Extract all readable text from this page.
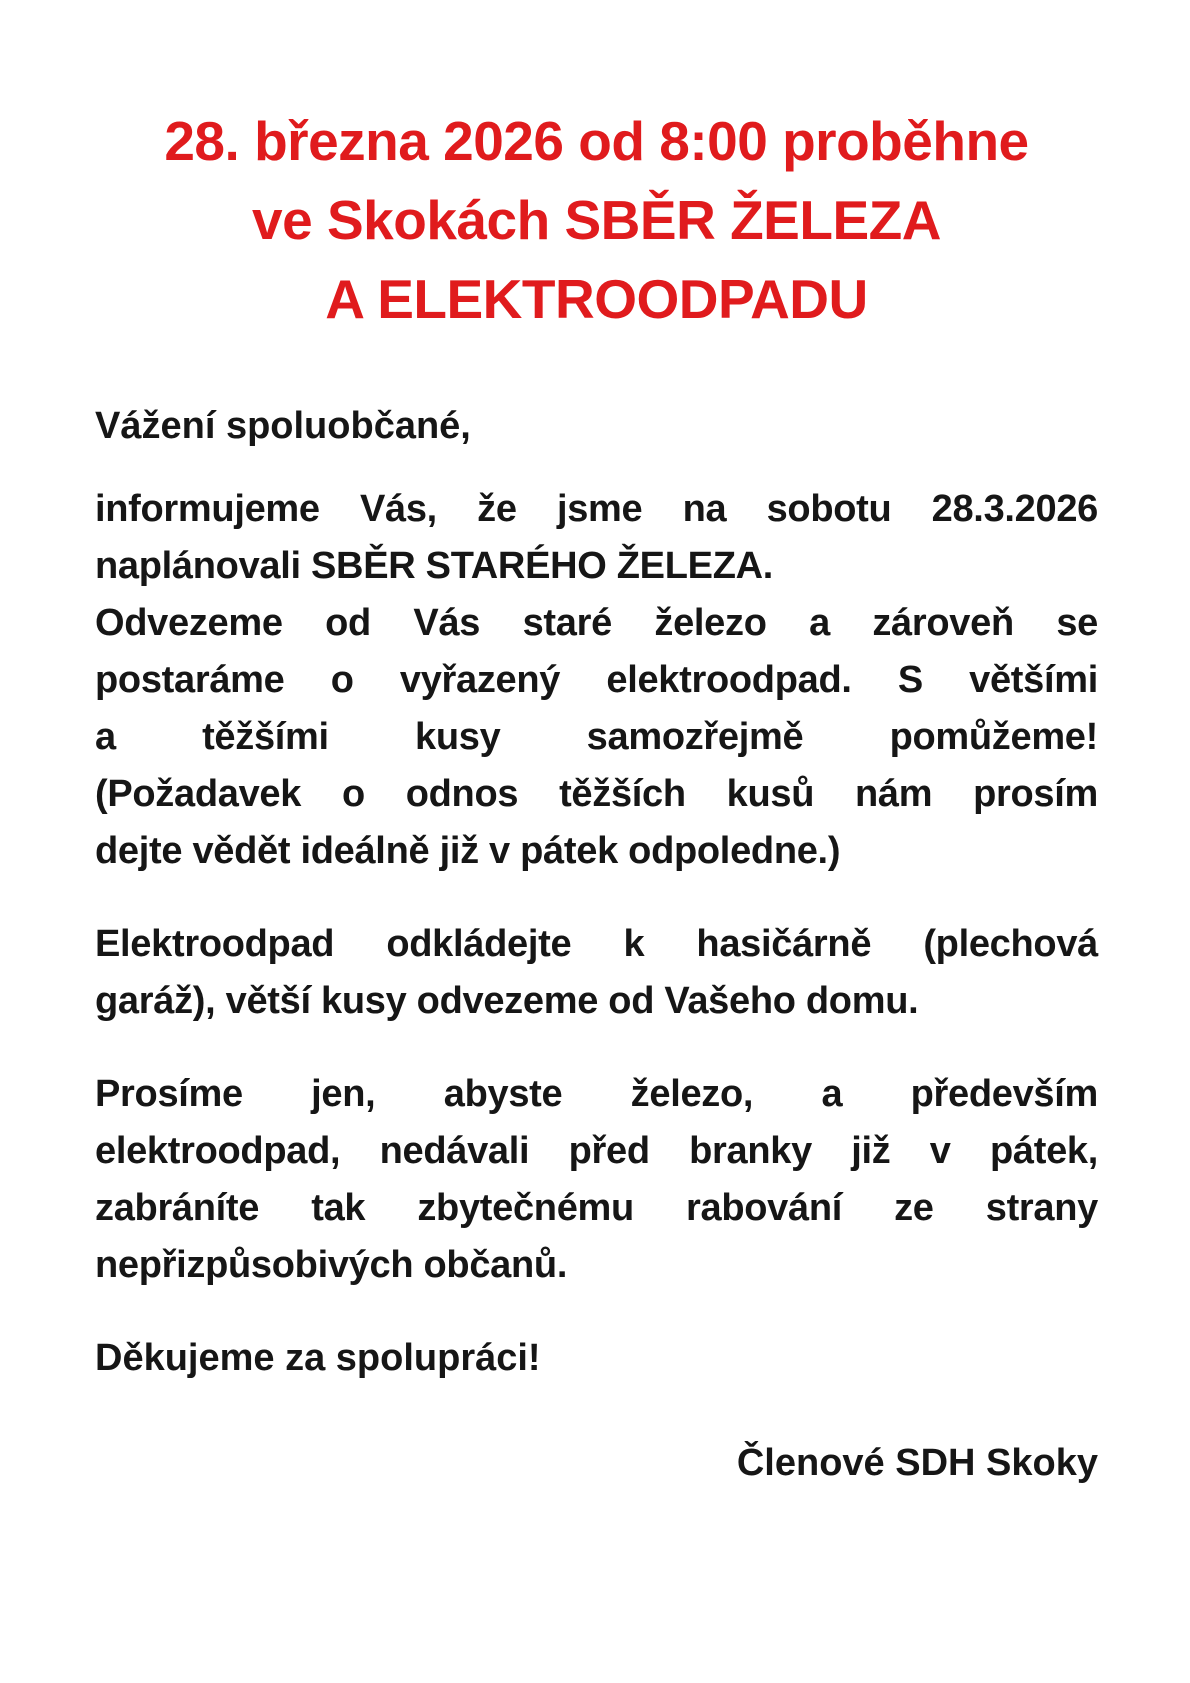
28. března 2026 od 8:00 proběhne
ve Skokách SBĚR ŽELEZA
A ELEKTROODPADU
Vážení spoluobčané,
informujeme Vás, že jsme na sobotu 28.3.2026
naplánovali SBĚR STARÉHO ŽELEZA.
Odvezeme od Vás staré železo a zároveň se
postaráme o vyřazený elektroodpad. S většími
a těžšími kusy samozřejmě pomůžeme!
(Požadavek o odnos těžších kusů nám prosím
dejte vědět ideálně již v pátek odpoledne.)
Elektroodpad odkládejte k hasičárně (plechová
garáž), větší kusy odvezeme od Vašeho domu.
Prosíme jen, abyste železo, a především
elektroodpad, nedávali před branky již v pátek,
zabráníte tak zbytečnému rabování ze strany
nepřizpůsobivých občanů.
Děkujeme za spolupráci!
Členové SDH Skoky
